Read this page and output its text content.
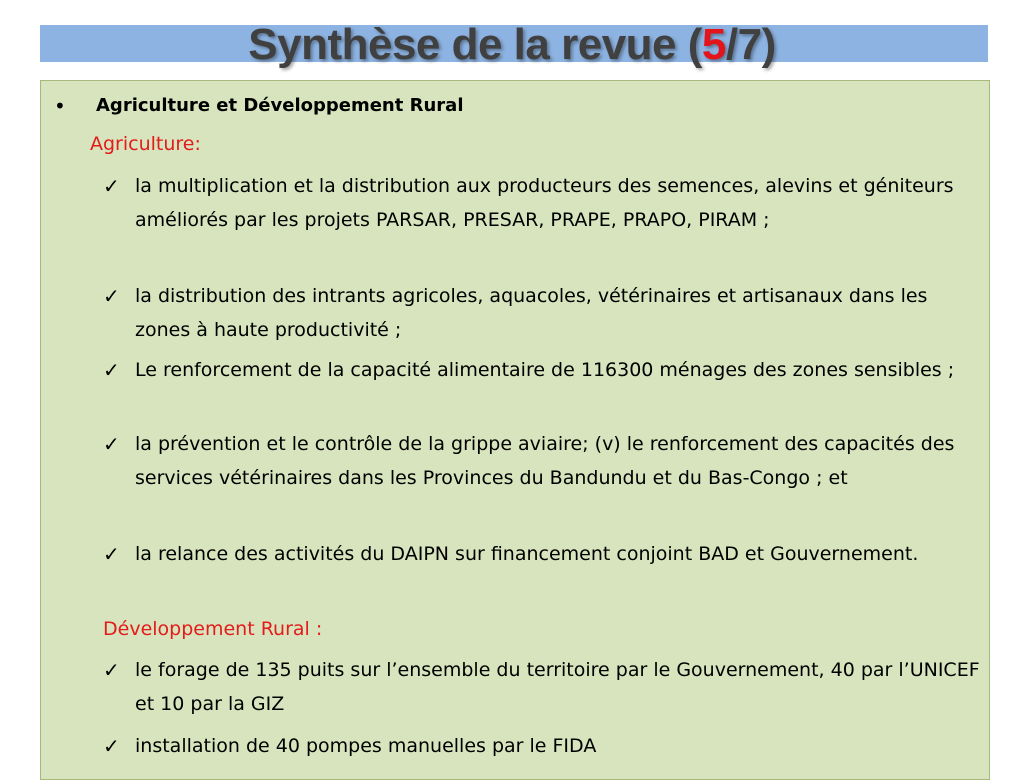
Synthèse de la revue (5/7)
•	Agriculture et Développement Rural
Agriculture:
✓ la multiplication et la distribution aux producteurs des semences, alevins et géniteurs améliorés par les projets PARSAR, PRESAR, PRAPE, PRAPO, PIRAM ;
✓ la distribution des intrants agricoles, aquacoles, vétérinaires et artisanaux dans les zones à haute productivité ;
✓ Le renforcement de la capacité alimentaire de 116300 ménages des zones sensibles ;
✓ la prévention et le contrôle de la grippe aviaire; (v) le renforcement des capacités des services vétérinaires dans les Provinces du Bandundu et du Bas-Congo ; et
✓ la relance des activités du DAIPN sur financement conjoint BAD et Gouvernement.
Développement Rural :
✓ le forage de 135 puits sur l’ensemble du territoire par le Gouvernement, 40 par l’UNICEF et 10 par la GIZ
✓ installation de 40 pompes manuelles par le FIDA
